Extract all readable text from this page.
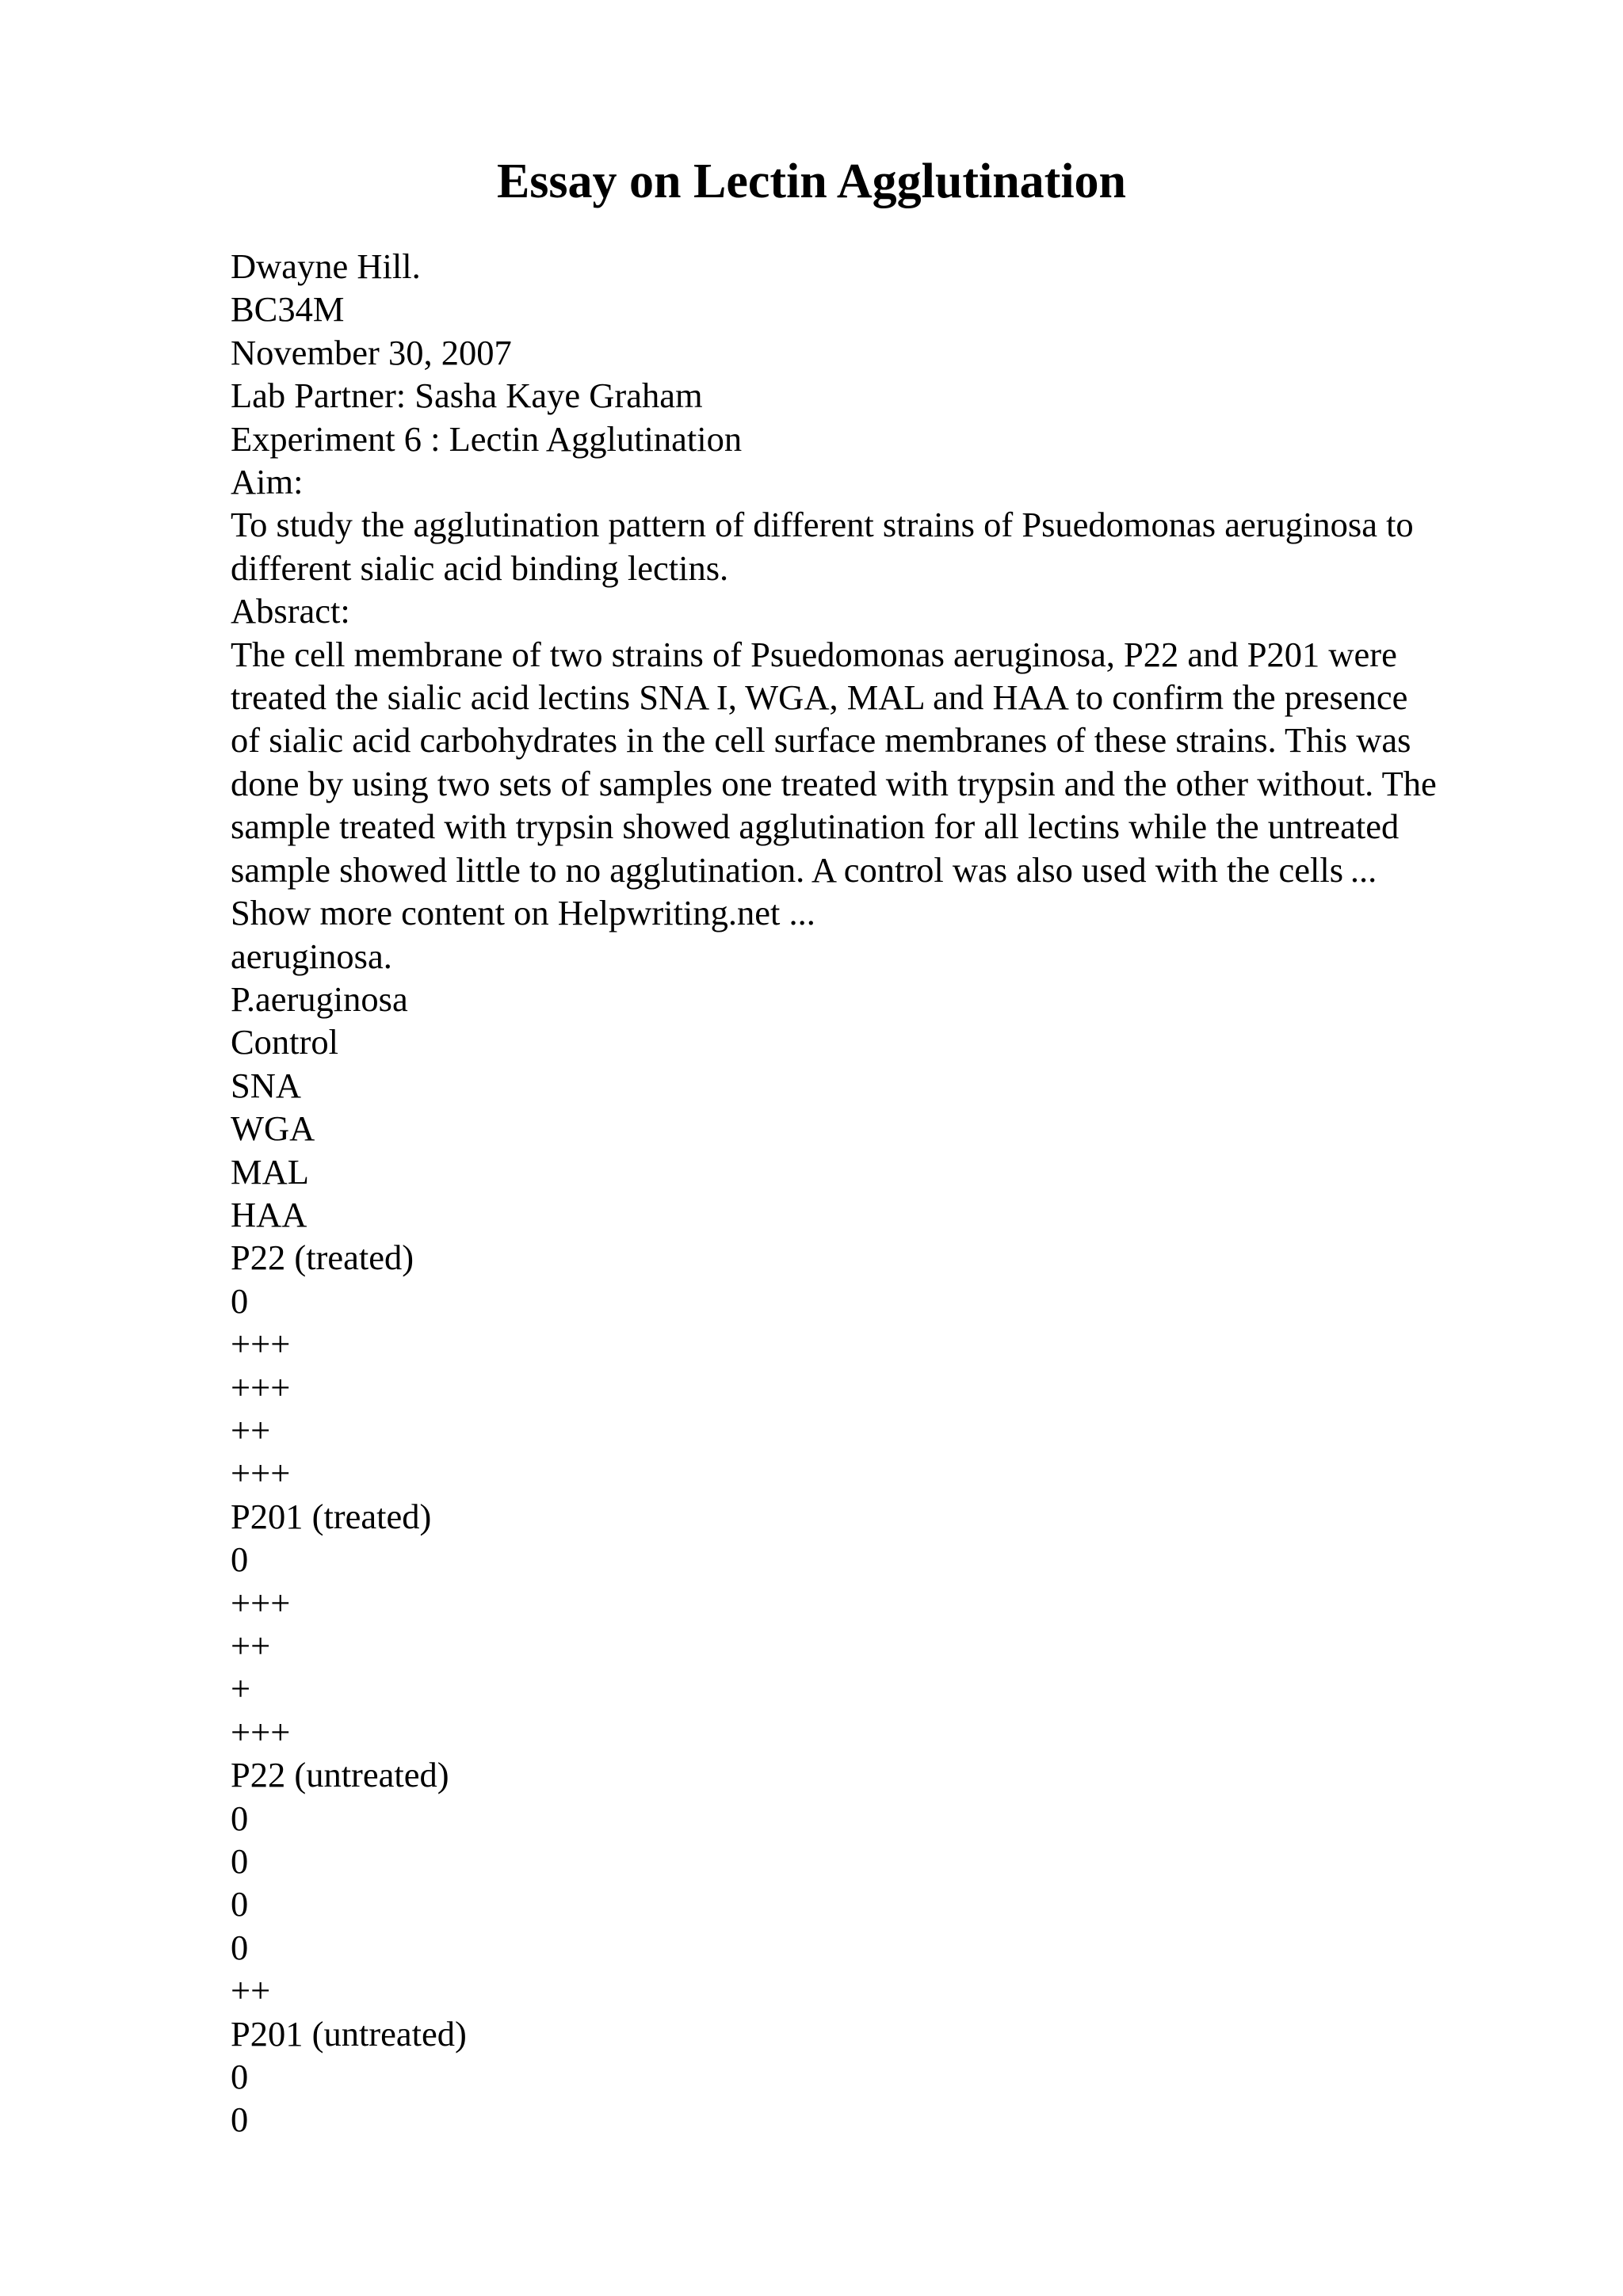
Essay on Lectin Agglutination
Dwayne Hill.
BC34M
November 30, 2007
Lab Partner: Sasha Kaye Graham
Experiment 6 : Lectin Agglutination
Aim:
To study the agglutination pattern of different strains of Psuedomonas aeruginosa to
different sialic acid binding lectins.
Absract:
The cell membrane of two strains of Psuedomonas aeruginosa, P22 and P201 were
treated the sialic acid lectins SNA I, WGA, MAL and HAA to confirm the presence
of sialic acid carbohydrates in the cell surface membranes of these strains. This was
done by using two sets of samples one treated with trypsin and the other without. The
sample treated with trypsin showed agglutination for all lectins while the untreated
sample showed little to no agglutination. A control was also used with the cells ...
Show more content on Helpwriting.net ...
aeruginosa.
P.aeruginosa
Control
SNA
WGA
MAL
HAA
P22 (treated)
0
+++
+++
++
+++
P201 (treated)
0
+++
++
+
+++
P22 (untreated)
0
0
0
0
++
P201 (untreated)
0
0
